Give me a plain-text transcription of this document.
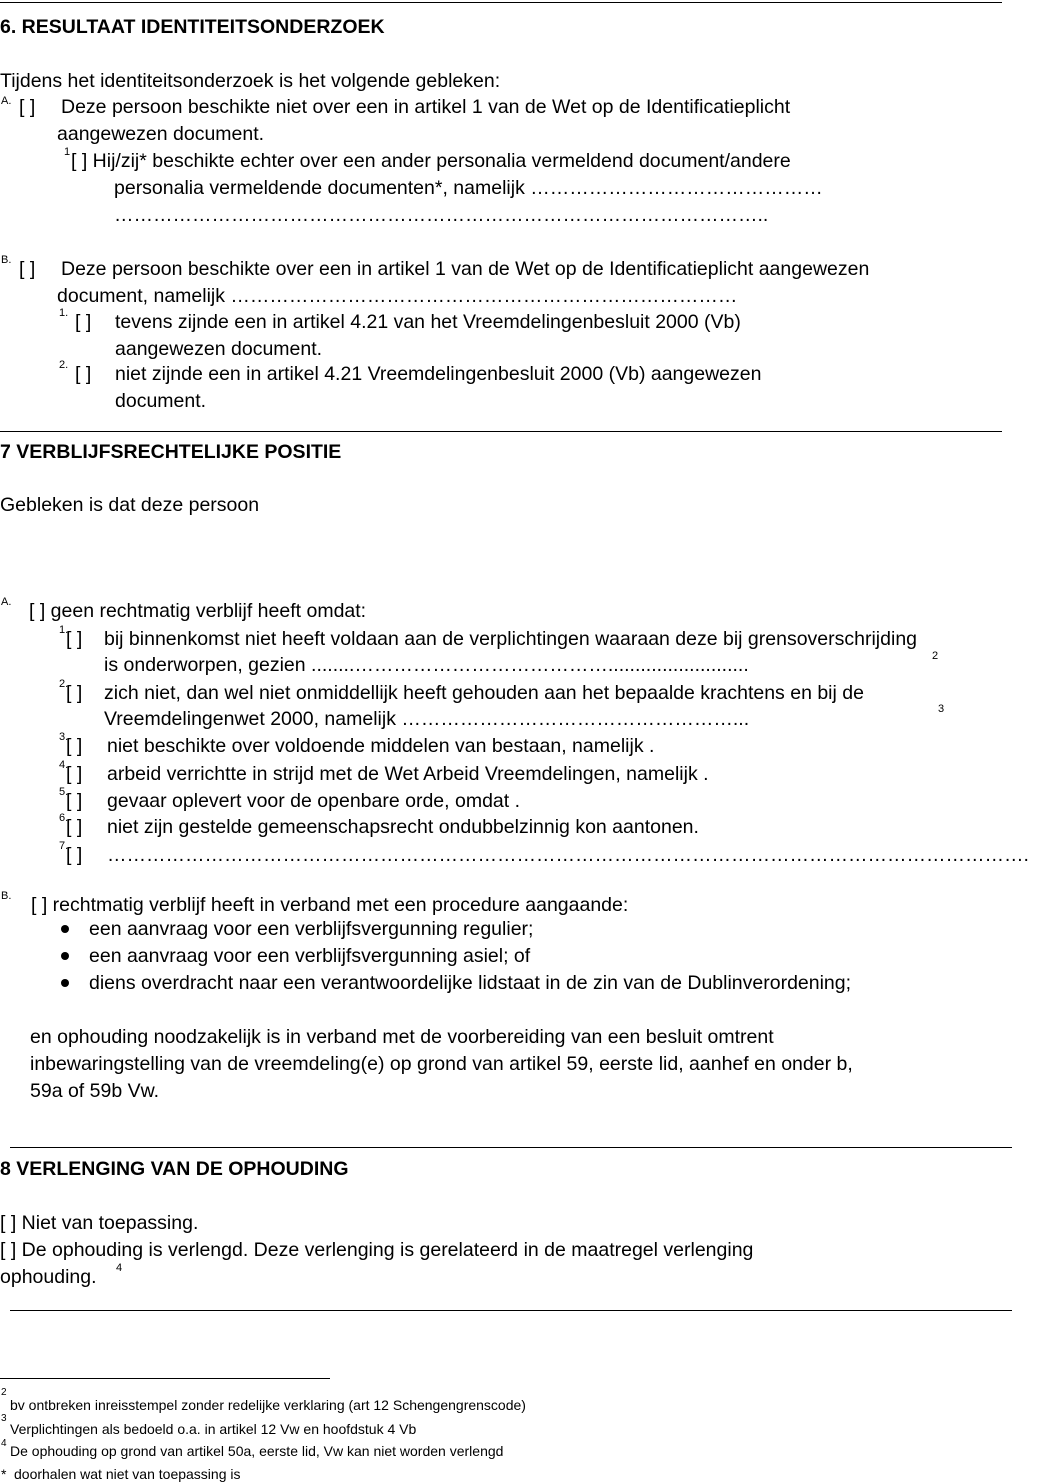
6. RESULTAAT IDENTITEITSONDERZOEK
Tijdens het identiteitsonderzoek is het volgende gebleken:
A. [ ] Deze persoon beschikte niet over een in artikel 1 van de Wet op de Identificatieplicht
aangewezen document.
1 [ ] Hij/zij* beschikte echter over een ander personalia vermeldend document/andere
personalia vermeldende documenten*, namelijk ………………………………………
………………………………………………………………………………………..
B. [ ] Deze persoon beschikte over een in artikel 1 van de Wet op de Identificatieplicht aangewezen
document, namelijk ……………………………………………………………………
1. [ ] tevens zijnde een in artikel 4.21 van het Vreemdelingenbesluit 2000 (Vb)
aangewezen document.
2. [ ] niet zijnde een in artikel 4.21 Vreemdelingenbesluit 2000 (Vb) aangewezen
document.
7 VERBLIJFSRECHTELIJKE POSITIE
Gebleken is dat deze persoon
A. [ ] geen rechtmatig verblijf heeft omdat:
1.
[ ] bij binnenkomst niet heeft voldaan aan de verplichtingen waaraan deze bij grensoverschrijding
is onderworpen, gezien ........…………………………………..........................	2
2.
[ ] zich niet, dan wel niet onmiddellijk heeft gehouden aan het bepaalde krachtens en bij de
Vreemdelingenwet 2000, namelijk ……………………………………………...	3
3.
[ ] niet beschikte over voldoende middelen van bestaan, namelijk .
4.
[ ] arbeid verrichtte in strijd met de Wet Arbeid Vreemdelingen, namelijk .
5.
[ ] gevaar oplevert voor de openbare orde, omdat .
6.
[ ] niet zijn gestelde gemeenschapsrecht ondubbelzinnig kon aantonen.
7.
[ ] …………………………………………………………………………………………………………………………….
B. [ ] rechtmatig verblijf heeft in verband met een procedure aangaande:
een aanvraag voor een verblijfsvergunning regulier;
een aanvraag voor een verblijfsvergunning asiel; of
diens overdracht naar een verantwoordelijke lidstaat in de zin van de Dublinverordening;
en ophouding noodzakelijk is in verband met de voorbereiding van een besluit omtrent
inbewaringstelling van de vreemdeling(e) op grond van artikel 59, eerste lid, aanhef en onder b,
59a of 59b Vw.
8 VERLENGING VAN DE OPHOUDING
[ ] Niet van toepassing.
[ ] De ophouding is verlengd. Deze verlenging is gerelateerd in de maatregel verlenging
ophouding. 4
2
bv ontbreken inreisstempel zonder redelijke verklaring (art 12 Schengengrenscode)
3
Verplichtingen als bedoeld o.a. in artikel 12 Vw en hoofdstuk 4 Vb
4 De ophouding op grond van artikel 50a, eerste lid, Vw kan niet worden verlengd
* doorhalen wat niet van toepassing is
